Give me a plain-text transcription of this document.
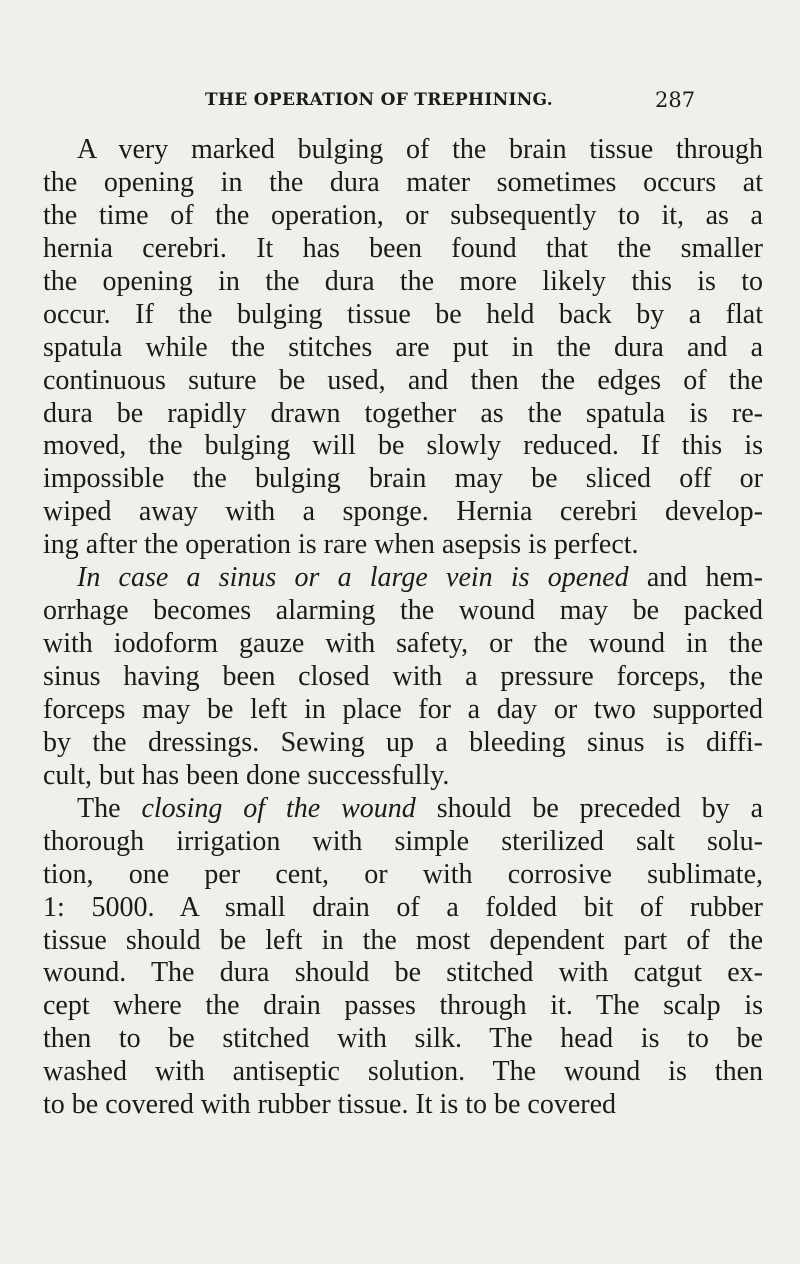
THE OPERATION OF TREPHINING.	287
A very marked bulging of the brain tissue through
the opening in the dura mater sometimes occurs at
the time of the operation, or subsequently to it, as a
hernia cerebri. It has been found that the smaller
the opening in the dura the more likely this is to
occur. If the bulging tissue be held back by a flat
spatula while the stitches are put in the dura and a
continuous suture be used, and then the edges of the
dura be rapidly drawn together as the spatula is re-
moved, the bulging will be slowly reduced. If this is
impossible the bulging brain may be sliced off or
wiped away with a sponge. Hernia cerebri develop-
ing after the operation is rare when asepsis is perfect.
In case a sinus or a large vein is opened and hem-
orrhage becomes alarming the wound may be packed
with iodoform gauze with safety, or the wound in the
sinus having been closed with a pressure forceps, the
forceps may be left in place for a day or two supported
by the dressings. Sewing up a bleeding sinus is diffi-
cult, but has been done successfully.
The closing of the wound should be preceded by a
thorough irrigation with simple sterilized salt solu-
tion, one per cent, or with corrosive sublimate,
1: 5000. A small drain of a folded bit of rubber
tissue should be left in the most dependent part of the
wound. The dura should be stitched with catgut ex-
cept where the drain passes through it. The scalp is
then to be stitched with silk. The head is to be
washed with antiseptic solution. The wound is then
to be covered with rubber tissue. It is to be covered
